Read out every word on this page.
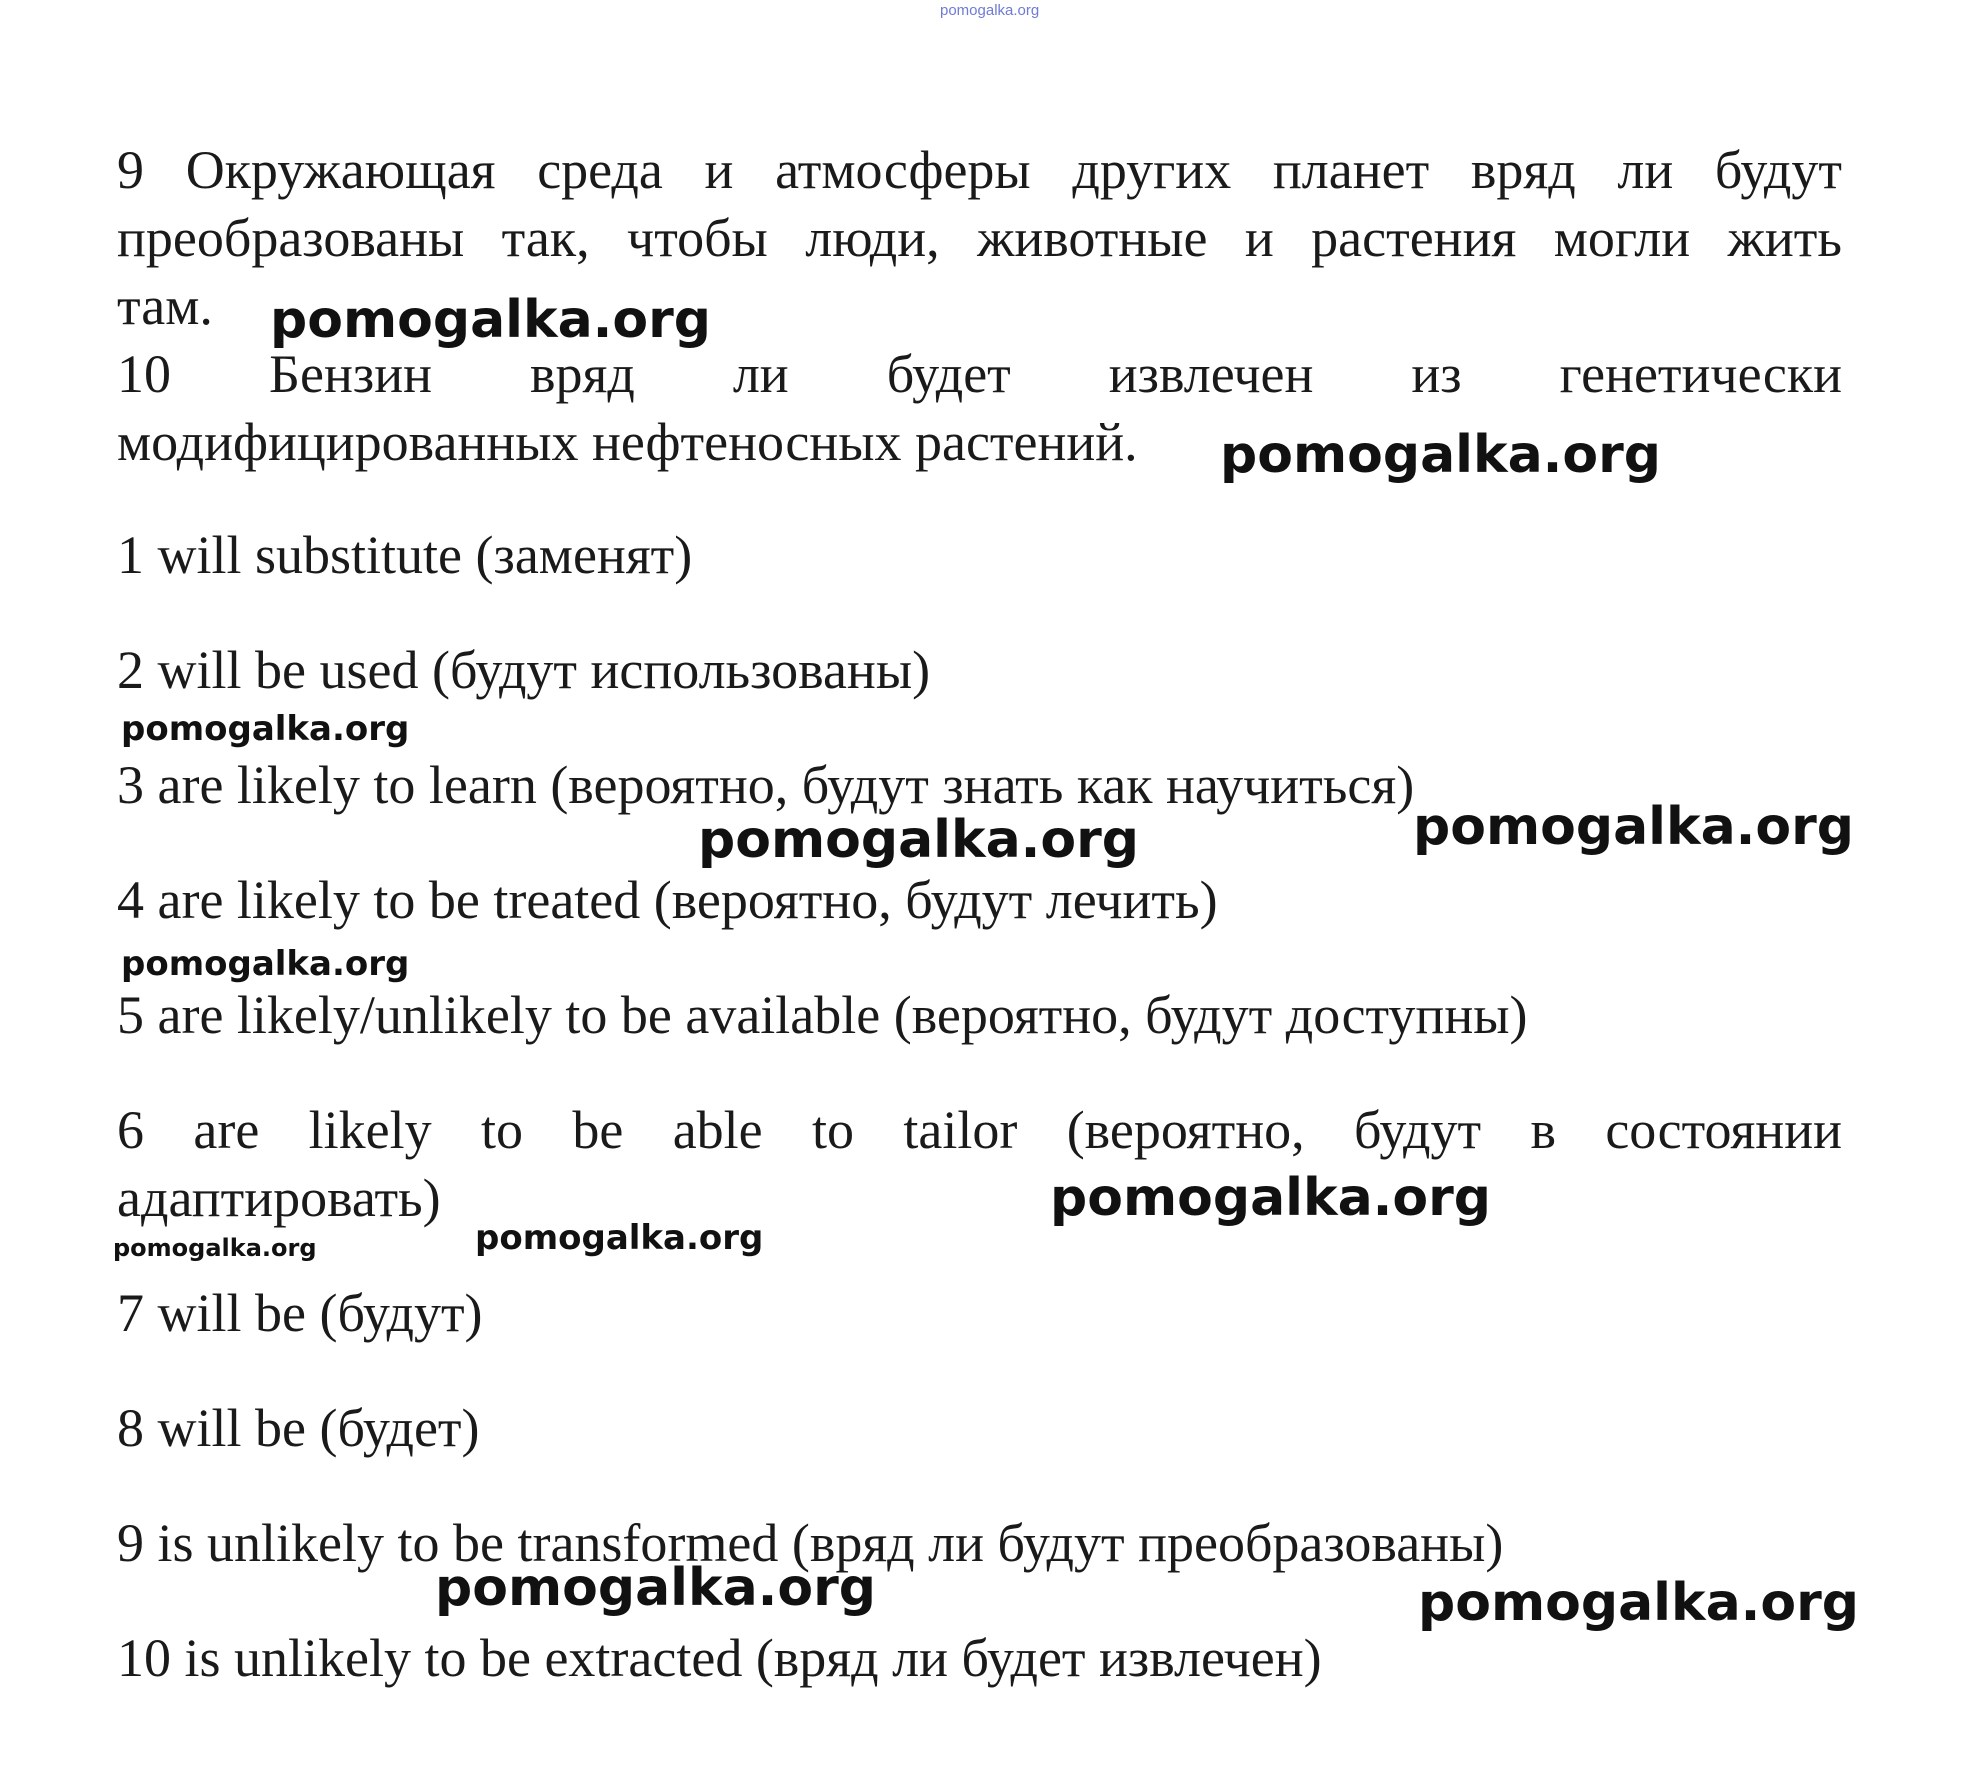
pomogalka.org

9 Окружающая среда и атмосферы других планет вряд ли будут

преобразованы так, чтобы люди, животные и растения могли жить

там.

10 Бензин вряд ли будет извлечен из генетически

модифицированных нефтеносных растений.

1 will substitute (заменят)

2 will be used (будут использованы)

3 are likely to learn (вероятно, будут знать как научиться)

4 are likely to be treated (вероятно, будут лечить)

5 are likely/unlikely to be available (вероятно, будут доступны)

6 are likely to be able to tailor (вероятно, будут в состоянии

адаптировать)

7 will be (будут)

8 will be (будет)

9 is unlikely to be transformed (вряд ли будут преобразованы)

10 is unlikely to be extracted (вряд ли будет извлечен)

pomogalka.org
pomogalka.org
pomogalka.org
pomogalka.org	pomogalka.org
pomogalka.org
pomogalka.org
pomogalka.org	pomogalka.org
pomogalka.org	pomogalka.org
